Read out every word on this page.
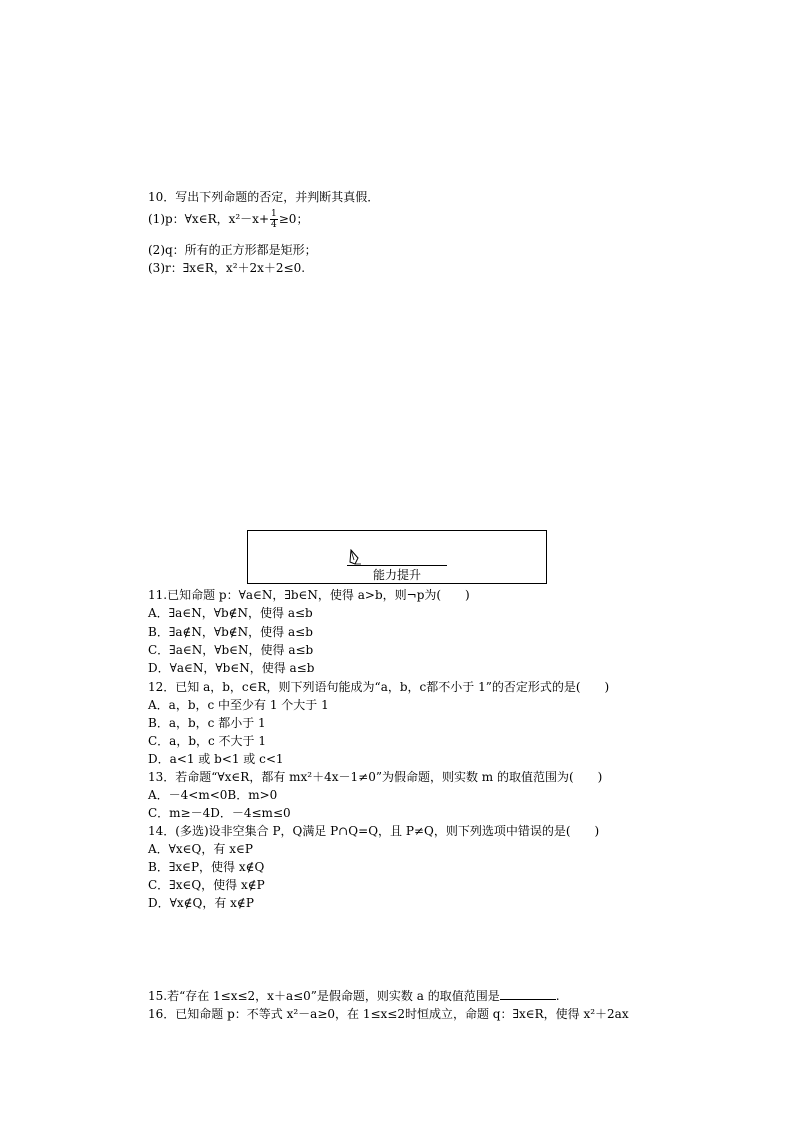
10．写出下列命题的否定，并判断其真假．
(1)p：∀x∈R，$x^2-x+ \frac{1}{4} \ge 0$；
(2)q：所有的正方形都是矩形；
(3)r：∃x∈R，x²＋2x＋2≤0.
能力提升
11.已知命题 p：∀a∈N，∃b∈N，使得 a>b，则¬p为(　　)
A．∃a∈N，∀b∉N，使得 a≤b
B．∃a∉N，∀b∉N，使得 a≤b
C．∃a∈N，∀b∈N，使得 a≤b
D．∀a∈N，∀b∈N，使得 a≤b
12．已知 a，b，c∈R，则下列语句能成为“a，b，c都不小于 1”的否定形式的是(　　)
A．a，b，c 中至少有 1 个大于 1
B．a，b，c 都小于 1
C．a，b，c 不大于 1
D．a<1 或 b<1 或 c<1
13．若命题“∀x∈R，都有 mx²＋4x－1≠0”为假命题，则实数 m 的取值范围为(　　)
A．－4<m<0B．m>0
C．m≥－4D．－4≤m≤0
14．(多选)设非空集合 P，Q满足 P∩Q=Q，且 P≠Q，则下列选项中错误的是(　　)
A．∀x∈Q，有 x∈P
B．∃x∈P，使得 x∉Q
C．∃x∈Q，使得 x∉P
D．∀x∉Q，有 x∉P
15.若“存在 1≤x≤2，x＋a≤0”是假命题，则实数 a 的取值范围是	.
16．已知命题 p：不等式 x²－a≥0，在 1≤x≤2时恒成立，命题 q：∃x∈R，使得 x²＋2ax
